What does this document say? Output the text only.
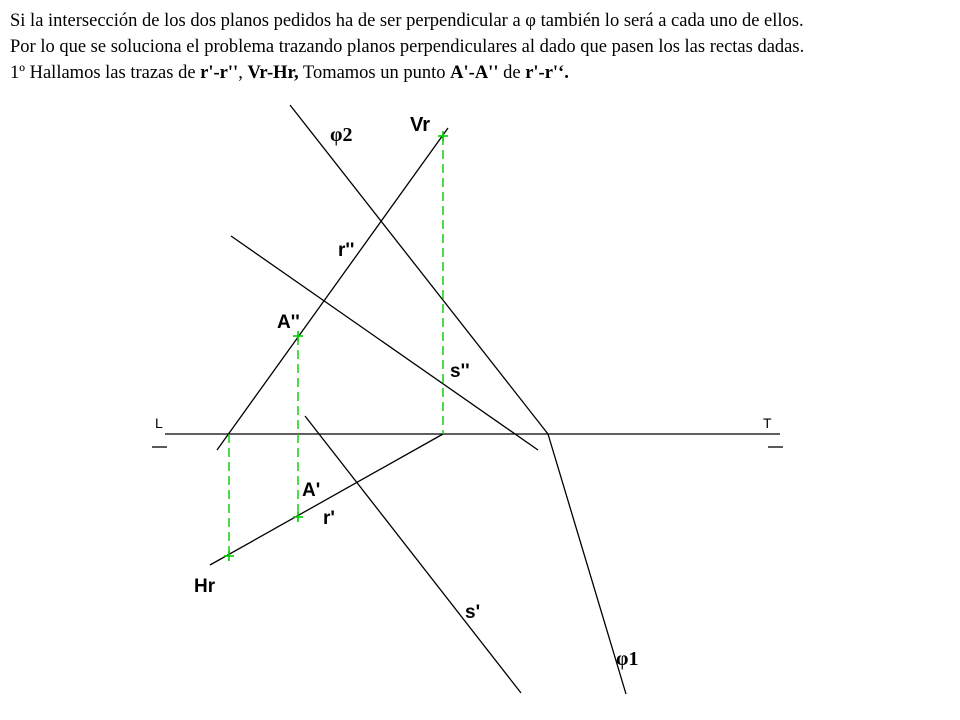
Si la intersección de los dos planos pedidos ha de ser perpendicular a φ también lo será a cada uno de ellos.

Por lo que se soluciona el problema trazando planos perpendiculares al dado que pasen los las rectas dadas.

1º Hallamos las trazas de r'-r'', Vr-Hr, Tomamos un punto A'-A'' de r'-r'‘.

L	T
φ2
φ1
Vr
Hr
r''
r'
A''
A'
s''
s'
